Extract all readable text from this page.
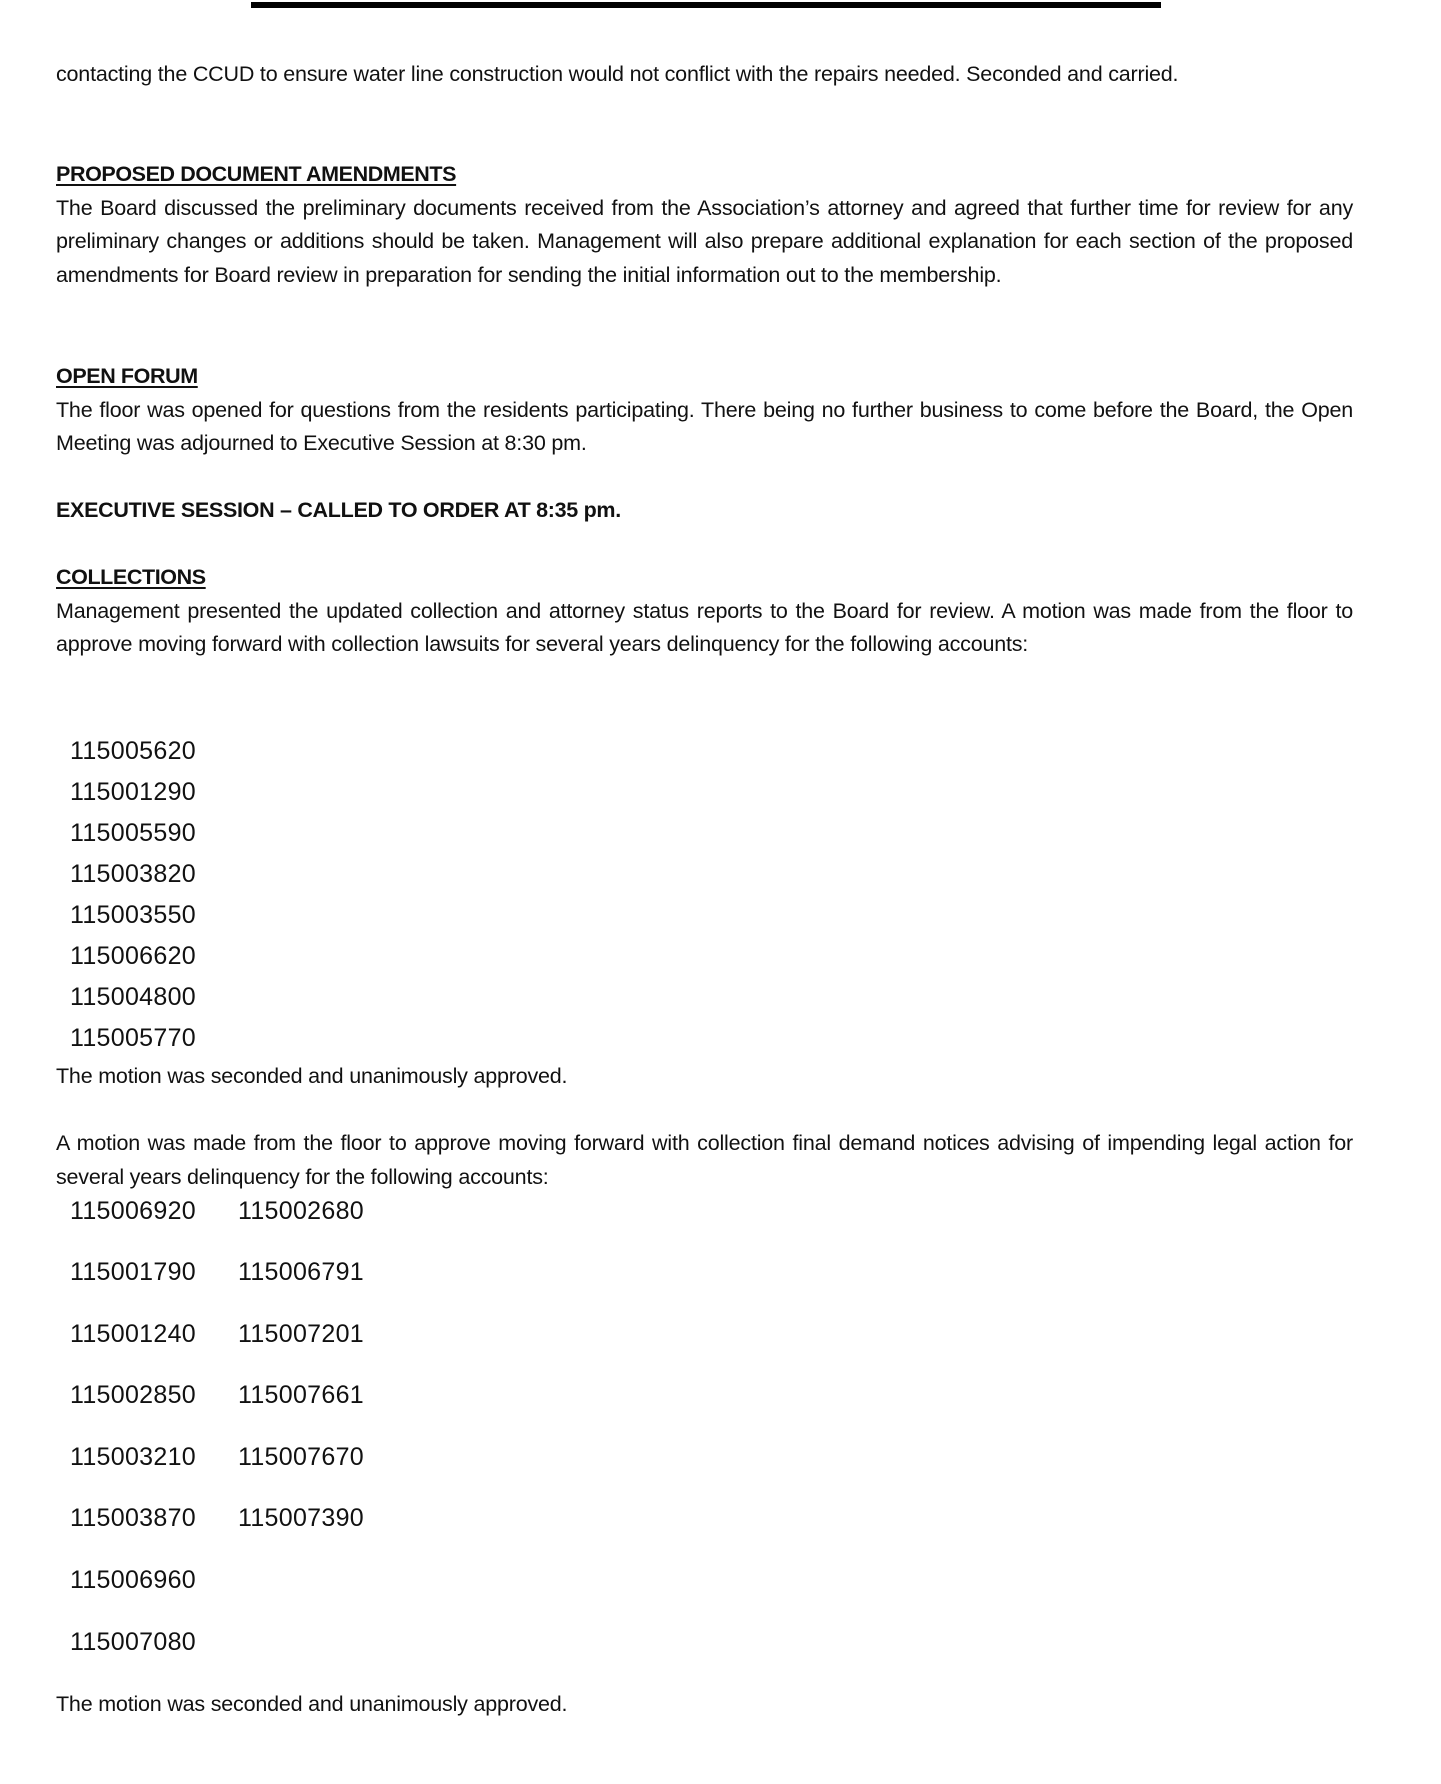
contacting the CCUD to ensure water line construction would not conflict with the repairs needed. Seconded and carried.

PROPOSED DOCUMENT AMENDMENTS

The Board discussed the preliminary documents received from the Association’s attorney and agreed that further time for review for any preliminary changes or additions should be taken. Management will also prepare additional explanation for each section of the proposed amendments for Board review in preparation for sending the initial information out to the membership.

OPEN FORUM

The floor was opened for questions from the residents participating. There being no further business to come before the Board, the Open Meeting was adjourned to Executive Session at 8:30 pm.

EXECUTIVE SESSION – CALLED TO ORDER AT 8:35 pm.
COLLECTIONS

Management presented the updated collection and attorney status reports to the Board for review. A motion was made from the floor to approve moving forward with collection lawsuits for several years delinquency for the following accounts:

115005620
115001290
115005590
115003820
115003550
115006620
115004800
115005770

The motion was seconded and unanimously approved.

A motion was made from the floor to approve moving forward with collection final demand notices advising of impending legal action for several years delinquency for the following accounts:

115006920 115002680
115001790 115006791
115001240 115007201
115002850 115007661
115003210 115007670
115003870 115007390
115006960
115007080

The motion was seconded and unanimously approved.
